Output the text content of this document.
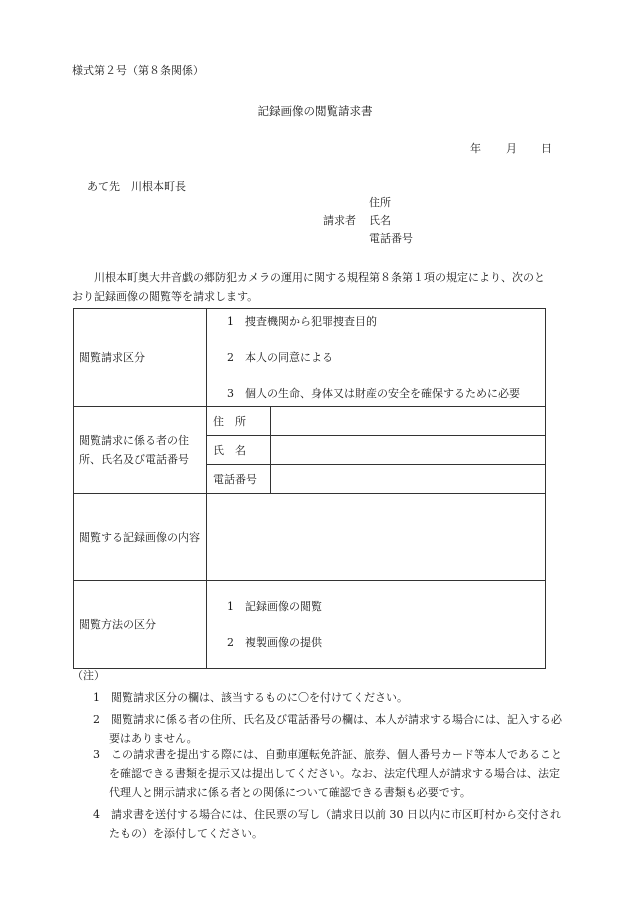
様式第２号（第８条関係）
記録画像の閲覧請求書
年 月 日
あて先　川根本町長
住所
請求者 氏名
電話番号
川根本町奥大井音戯の郷防犯カメラの運用に関する規程第８条第１項の規定により、次のとおり記録画像の閲覧等を請求します。
閲覧請求区分	1　捜査機関から犯罪捜査目的
2　本人の同意による
3　個人の生命、身体又は財産の安全を確保するために必要	

閲覧請求に係る者の住所、氏名及び電話番号	住所	
	氏名	
	電話番号	
閲覧する記録画像の内容		
閲覧方法の区分	1　記録画像の閲覧
2　複製画像の提供	
（注）
1　閲覧請求区分の欄は、該当するものに〇を付けてください。
2　閲覧請求に係る者の住所、氏名及び電話番号の欄は、本人が請求する場合には、記入する必要はありません。
3　この請求書を提出する際には、自動車運転免許証、旅券、個人番号カード等本人であることを確認できる書類を提示又は提出してください。なお、法定代理人が請求する場合は、法定代理人と開示請求に係る者との関係について確認できる書類も必要です。
4　請求書を送付する場合には、住民票の写し（請求日以前 30 日以内に市区町村から交付されたもの）を添付してください。
